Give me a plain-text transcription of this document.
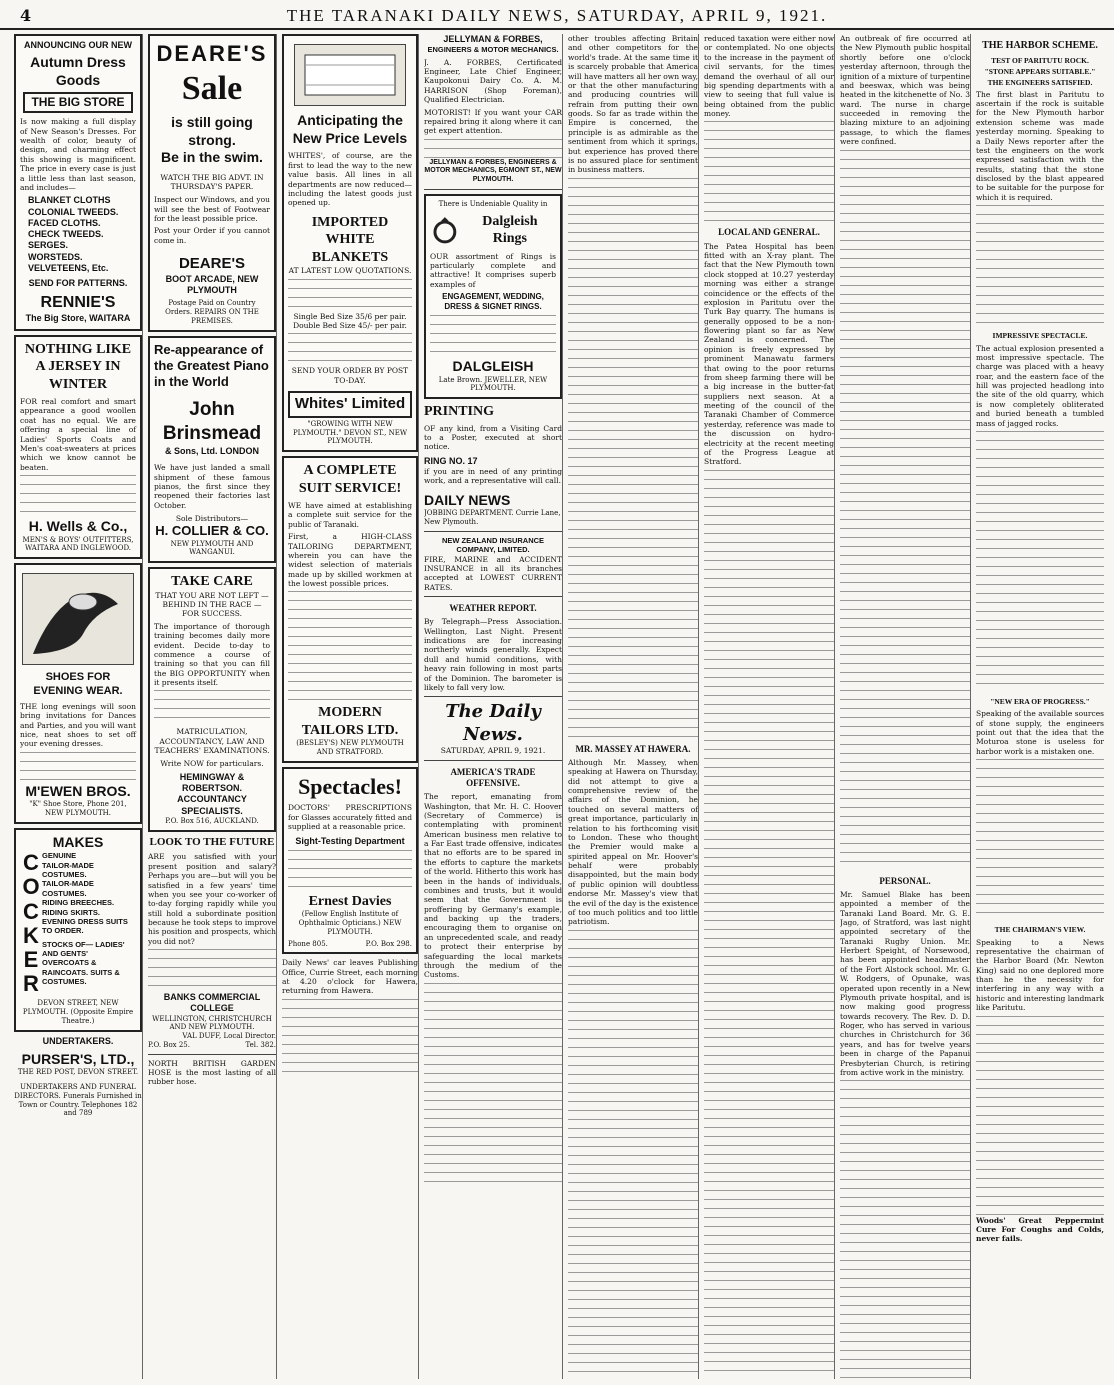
4	THE TARANAKI DAILY NEWS, SATURDAY, APRIL 9, 1921.
ANNOUNCING OUR NEW
Autumn Dress Goods
THE BIG STORE

Is now making a full display of New Season's Dresses. For wealth of color, beauty of design, and charming effect this showing is magnificent. The price in every case is just a little less than last season, and includes—

BLANKET CLOTHS
COLONIAL TWEEDS.
FACED CLOTHS.
CHECK TWEEDS.
SERGES.
WORSTEDS.
VELVETEENS, Etc.
SEND FOR PATTERNS.
RENNIE'S
The Big Store, WAITARA
NOTHING LIKE A JERSEY IN WINTER

FOR real comfort and smart appearance a good woollen coat has no equal. We are offering a special line of Ladies' Sports Coats and Men's coat-sweaters at prices which we know cannot be beaten.

H. Wells & Co.,
MEN'S & BOYS' OUTFITTERS, WAITARA AND INGLEWOOD.
SHOES FOR EVENING WEAR.

THE long evenings will soon bring invitations for Dances and Parties, and you will want nice, neat shoes to set off your evening dresses.

M'EWEN BROS.
"K" Shoe Store, Phone 201, NEW PLYMOUTH.
MAKES
C
O
C
K
E
R
GENUINE
TAILOR-MADE COSTUMES.
TAILOR-MADE COSTUMES.
RIDING BREECHES.
RIDING SKIRTS.
EVENING DRESS SUITS TO ORDER.
STOCKS OF— LADIES' AND GENTS' OVERCOATS & RAINCOATS. SUITS & COSTUMES.
DEVON STREET, NEW PLYMOUTH. (Opposite Empire Theatre.)
UNDERTAKERS.
PURSER'S, LTD.,
THE RED POST, DEVON STREET.
UNDERTAKERS AND FUNERAL DIRECTORS. Funerals Furnished in Town or Country. Telephones 182 and 789
DEARE'S
Sale
is still going strong.
Be in the swim.
WATCH THE BIG ADVT. IN THURSDAY'S PAPER.

Inspect our Windows, and you will see the best of Footwear for the least possible price.

Post your Order if you cannot come in.

DEARE'S
BOOT ARCADE, NEW PLYMOUTH
Postage Paid on Country Orders. REPAIRS ON THE PREMISES.
Re-appearance of the Greatest Piano in the World
John Brinsmead
& Sons, Ltd. LONDON

We have just landed a small shipment of these famous pianos, the first since they reopened their factories last October.

Sole Distributors—
H. COLLIER & CO.
NEW PLYMOUTH AND WANGANUI.
TAKE CARE
THAT YOU ARE NOT LEFT — BEHIND IN THE RACE — FOR SUCCESS.

The importance of thorough training becomes daily more evident. Decide to-day to commence a course of training so that you can fill the BIG OPPORTUNITY when it presents itself.

MATRICULATION, ACCOUNTANCY, LAW AND TEACHERS' EXAMINATIONS.
Write NOW for particulars.
HEMINGWAY & ROBERTSON.
ACCOUNTANCY SPECIALISTS.
P.O. Box 516, AUCKLAND.
LOOK TO THE FUTURE

ARE you satisfied with your present position and salary? Perhaps you are—but will you be satisfied in a few years' time when you see your co-worker of to-day forging rapidly while you still hold a subordinate position because he took steps to improve his position and prospects, which you did not?

BANKS COMMERCIAL COLLEGE
WELLINGTON, CHRISTCHURCH AND NEW PLYMOUTH.
VAL DUFF, Local Director.
P.O. Box 25.	Tel. 382.

NORTH BRITISH GARDEN HOSE is the most lasting of all rubber hose.

Anticipating the New Price Levels

WHITES', of course, are the first to lead the way to the new value basis. All lines in all departments are now reduced—including the latest goods just opened up.

IMPORTED WHITE BLANKETS
AT LATEST LOW QUOTATIONS.
Single Bed Size 35/6 per pair.
Double Bed Size 45/- per pair.
SEND YOUR ORDER BY POST TO-DAY.
Whites' Limited
"GROWING WITH NEW PLYMOUTH." DEVON ST., NEW PLYMOUTH.
A COMPLETE SUIT SERVICE!

WE have aimed at establishing a complete suit service for the public of Taranaki.

First, a HIGH-CLASS TAILORING DEPARTMENT, wherein you can have the widest selection of materials made up by skilled workmen at the lowest possible prices.

MODERN TAILORS LTD.
(BESLEY'S) NEW PLYMOUTH AND STRATFORD.
Spectacles!

DOCTORS' PRESCRIPTIONS for Glasses accurately fitted and supplied at a reasonable price.

Sight-Testing Department
Ernest Davies
(Fellow English Institute of Ophthalmic Opticians.) NEW PLYMOUTH.
Phone 805.	P.O. Box 298.

Daily News' car leaves Publishing Office, Currie Street, each morning at 4.20 o'clock for Hawera, returning from Hawera.

JELLYMAN & FORBES,
ENGINEERS & MOTOR MECHANICS.

J. A. FORBES, Certificated Engineer, Late Chief Engineer, Kaupokonui Dairy Co. A. M. HARRISON (Shop Foreman), Qualified Electrician.

MOTORIST! If you want your CAR repaired bring it along where it can get expert attention.

JELLYMAN & FORBES, ENGINEERS & MOTOR MECHANICS, EGMONT ST., NEW PLYMOUTH.
There is Undeniable Quality in
Dalgleish Rings

OUR assortment of Rings is particularly complete and attractive! It comprises superb examples of

ENGAGEMENT, WEDDING, DRESS & SIGNET RINGS.
DALGLEISH
Late Brown. JEWELLER, NEW PLYMOUTH.
PRINTING

OF any kind, from a Visiting Card to a Poster, executed at short notice.

RING NO. 17

if you are in need of any printing work, and a representative will call.

DAILY NEWS
JOBBING DEPARTMENT. Currie Lane, New Plymouth.
NEW ZEALAND INSURANCE COMPANY, LIMITED.

FIRE, MARINE and ACCIDENT INSURANCE in all its branches accepted at LOWEST CURRENT RATES.

WEATHER REPORT.

By Telegraph—Press Association. Wellington, Last Night. Present indications are for increasing northerly winds generally. Expect dull and humid conditions, with heavy rain following in most parts of the Dominion. The barometer is likely to fall very low.

The Daily News.
SATURDAY, APRIL 9, 1921.
AMERICA'S TRADE OFFENSIVE.

The report, emanating from Washington, that Mr. H. C. Hoover (Secretary of Commerce) is contemplating with prominent American business men relative to a Far East trade offensive, indicates that no efforts are to be spared in the efforts to capture the markets of the world. Hitherto this work has been in the hands of individuals, combines and trusts, but it would seem that the Government is proffering by Germany's example, and backing up the traders, encouraging them to organise on an unprecedented scale, and ready to protect their enterprise by safeguarding the local markets through the medium of the Customs.

other troubles affecting Britain and other competitors for the world's trade. At the same time it is scarcely probable that America will have matters all her own way, or that the other manufacturing and producing countries will refrain from putting their own goods. So far as trade within the Empire is concerned, the principle is as admirable as the sentiment from which it springs, but experience has proved there is no assured place for sentiment in business matters.

MR. MASSEY AT HAWERA.

Although Mr. Massey, when speaking at Hawera on Thursday, did not attempt to give a comprehensive review of the affairs of the Dominion, he touched on several matters of great importance, particularly in relation to his forthcoming visit to London. These who thought the Premier would make a spirited appeal on Mr. Hoover's behalf were probably disappointed, but the main body of public opinion will doubtless endorse Mr. Massey's view that the evil of the day is the existence of too much politics and too little patriotism.

reduced taxation were either now or contemplated. No one objects to the increase in the payment of civil servants, for the times demand the overhaul of all our big spending departments with a view to seeing that full value is being obtained from the public money.

LOCAL AND GENERAL.

The Patea Hospital has been fitted with an X-ray plant. The fact that the New Plymouth town clock stopped at 10.27 yesterday morning was either a strange coincidence or the effects of the explosion in Paritutu over the Turk Bay quarry. The humans is generally opposed to be a non-flowering plant so far as New Zealand is concerned. The opinion is freely expressed by prominent Manawatu farmers that owing to the poor returns from sheep farming there will be a big increase in the butter-fat suppliers next season. At a meeting of the council of the Taranaki Chamber of Commerce yesterday, reference was made to the discussion on hydro-electricity at the recent meeting of the Progress League at Stratford.

An outbreak of fire occurred at the New Plymouth public hospital shortly before one o'clock yesterday afternoon, through the ignition of a mixture of turpentine and beeswax, which was being heated in the kitchenette of No. 3 ward. The nurse in charge succeeded in removing the blazing mixture to an adjoining passage, to which the flames were confined.

PERSONAL.

Mr. Samuel Blake has been appointed a member of the Taranaki Land Board. Mr. G. E. Jago, of Stratford, was last night appointed secretary of the Taranaki Rugby Union. Mr. Herbert Speight, of Norsewood, has been appointed headmaster of the Fort Alstock school. Mr. G. W. Rodgers, of Opunake, was operated upon recently in a New Plymouth private hospital, and is now making good progress towards recovery. The Rev. D. D. Roger, who has served in various churches in Christchurch for 36 years, and has for twelve years been in charge of the Papanui Presbyterian Church, is retiring from active work in the ministry.

THE HARBOR SCHEME.
TEST OF PARITUTU ROCK.
"STONE APPEARS SUITABLE."
THE ENGINEERS SATISFIED.

The first blast in Paritutu to ascertain if the rock is suitable for the New Plymouth harbor extension scheme was made yesterday morning. Speaking to a Daily News reporter after the test the engineers on the work expressed satisfaction with the results, stating that the stone disclosed by the blast appeared to be suitable for the purpose for which it is required.

IMPRESSIVE SPECTACLE.

The actual explosion presented a most impressive spectacle. The charge was placed with a heavy roar, and the eastern face of the hill was projected headlong into the site of the old quarry, which is now completely obliterated and buried beneath a tumbled mass of jagged rocks.

"NEW ERA OF PROGRESS."

Speaking of the available sources of stone supply, the engineers point out that the idea that the Moturoa stone is useless for harbor work is a mistaken one.

THE CHAIRMAN'S VIEW.

Speaking to a News representative the chairman of the Harbor Board (Mr. Newton King) said no one deplored more than he the necessity for interfering in any way with a historic and interesting landmark like Paritutu.

Woods' Great Peppermint Cure For Coughs and Colds, never fails.
